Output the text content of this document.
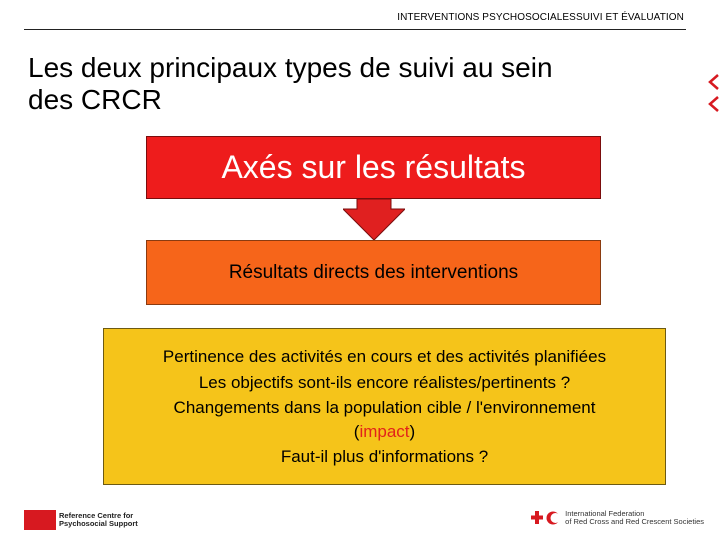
INTERVENTIONS PSYCHOSOCIALESSUIVI ET ÉVALUATION
Les deux principaux types de suivi au sein
des CRCR
Axés sur les résultats
Résultats directs des interventions
Pertinence des activités en cours et des activités planifiées
Les objectifs sont-ils encore réalistes/pertinents ?
Changements dans la population cible / l'environnement
(impact)
Faut-il plus d'informations ?
Reference Centre for
Psychosocial Support
International Federation
of Red Cross and Red Crescent Societies
